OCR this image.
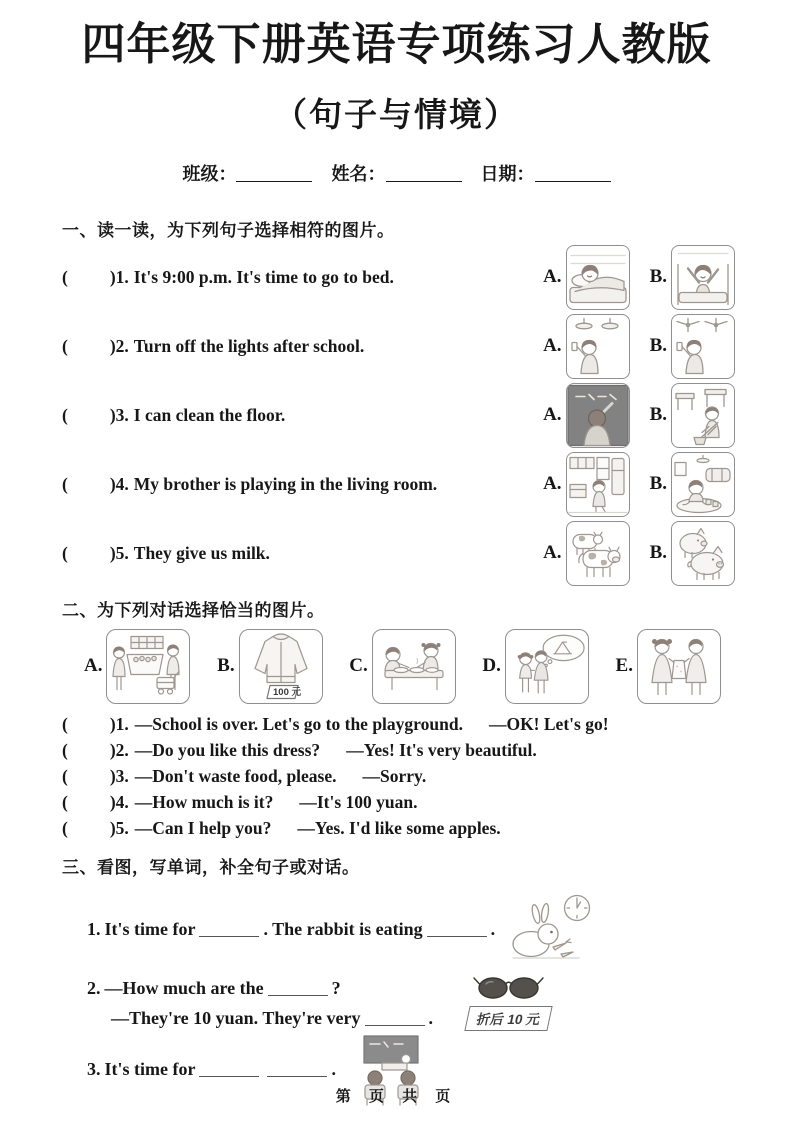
四年级下册英语专项练习人教版
（句子与情境）
班级：	姓名：	日期：
一、读一读，为下列句子选择相符的图片。
( )1. It's 9:00 p.m. It's time to go to bed.	A.	B.
( )2. Turn off the lights after school.	A.	B.
( )3. I can clean the floor.	A.	B.
( )4. My brother is playing in the living room.	A.	B.
( )5. They give us milk.	A.	B.
二、为下列对话选择恰当的图片。
A.	B.
100 元
C.	D.	E.
( )1. —School is over. Let's go to the playground. —OK! Let's go!
( )2. —Do you like this dress? —Yes! It's very beautiful.
( )3. —Don't waste food, please. —Sorry.
( )4. —How much is it? —It's 100 yuan.
( )5. —Can I help you? —Yes. I'd like some apples.
三、看图，写单词，补全句子或对话。
1. It's time for	. The rabbit is eating	.
2. —How much are the	?
—They're 10 yuan. They're very	.	折后 10 元
3. It's time for	.
第 页 共 页
